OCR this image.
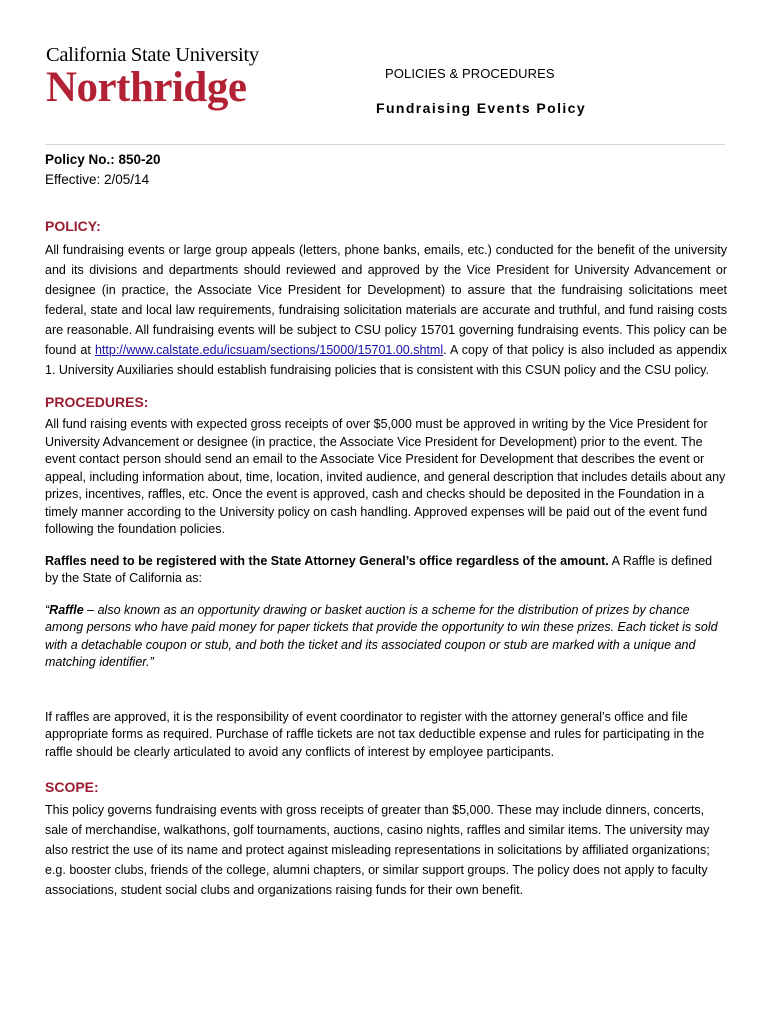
California State University
Northridge	POLICIES & PROCEDURES
Fundraising Events Policy
Policy No.: 850-20
Effective: 2/05/14
POLICY:

All fundraising events or large group appeals (letters, phone banks, emails, etc.) conducted for the benefit of the university and its divisions and departments should reviewed and approved by the Vice President for University Advancement or designee (in practice, the Associate Vice President for Development) to assure that the fundraising solicitations meet federal, state and local law requirements, fundraising solicitation materials are accurate and truthful, and fund raising costs are reasonable. All fundraising events will be subject to CSU policy 15701 governing fundraising events. This policy can be found at http://www.calstate.edu/icsuam/sections/15000/15701.00.shtml. A copy of that policy is also included as appendix 1. University Auxiliaries should establish fundraising policies that is consistent with this CSUN policy and the CSU policy.

PROCEDURES:

All fund raising events with expected gross receipts of over $5,000 must be approved in writing by the Vice President for University Advancement or designee (in practice, the Associate Vice President for Development) prior to the event. The event contact person should send an email to the Associate Vice President for Development that describes the event or appeal, including information about, time, location, invited audience, and general description that includes details about any prizes, incentives, raffles, etc. Once the event is approved, cash and checks should be deposited in the Foundation in a timely manner according to the University policy on cash handling. Approved expenses will be paid out of the event fund following the foundation policies.

Raffles need to be registered with the State Attorney General’s office regardless of the amount. A Raffle is defined by the State of California as:

“Raffle – also known as an opportunity drawing or basket auction is a scheme for the distribution of prizes by chance among persons who have paid money for paper tickets that provide the opportunity to win these prizes. Each ticket is sold with a detachable coupon or stub, and both the ticket and its associated coupon or stub are marked with a unique and matching identifier.”

If raffles are approved, it is the responsibility of event coordinator to register with the attorney general’s office and file appropriate forms as required. Purchase of raffle tickets are not tax deductible expense and rules for participating in the raffle should be clearly articulated to avoid any conflicts of interest by employee participants.

SCOPE:

This policy governs fundraising events with gross receipts of greater than $5,000. These may include dinners, concerts, sale of merchandise, walkathons, golf tournaments, auctions, casino nights, raffles and similar items. The university may also restrict the use of its name and protect against misleading representations in solicitations by affiliated organizations; e.g. booster clubs, friends of the college, alumni chapters, or similar support groups. The policy does not apply to faculty associations, student social clubs and organizations raising funds for their own benefit.
